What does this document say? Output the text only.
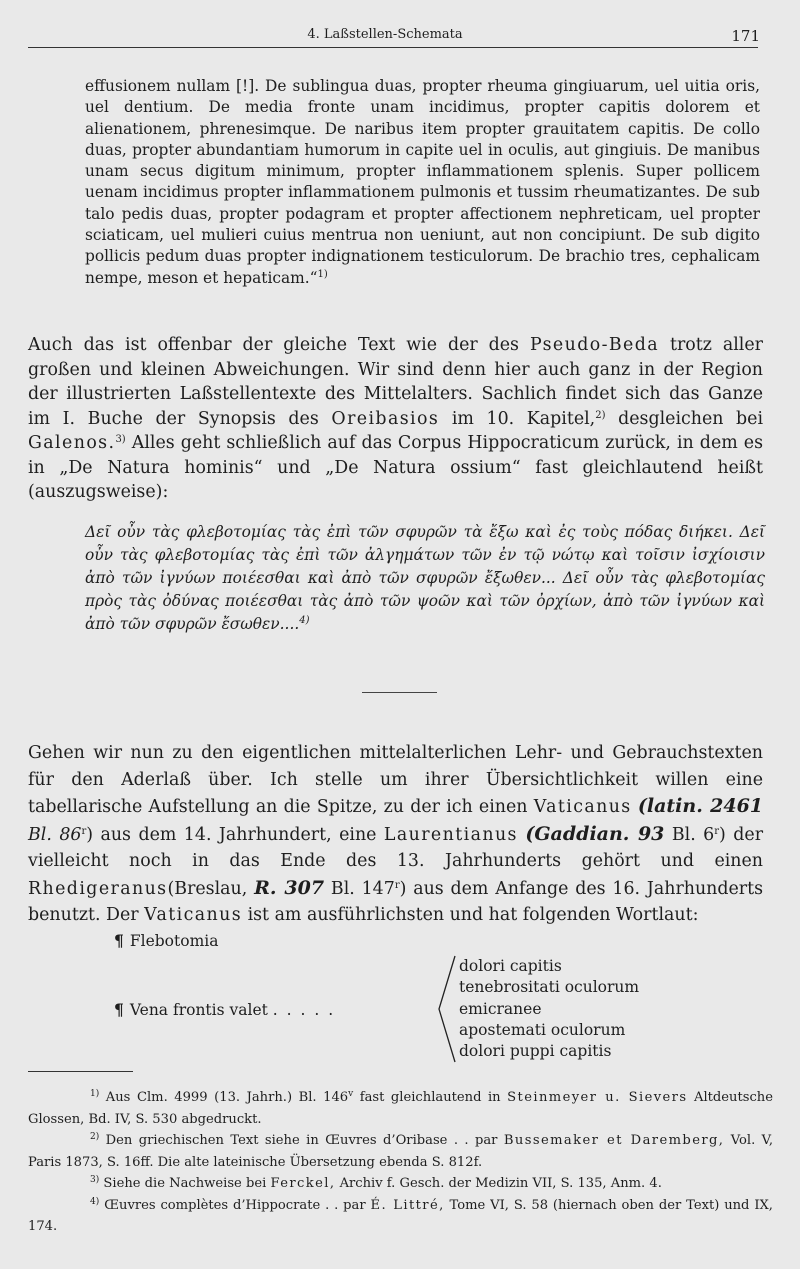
4. Laßstellen-Schemata	171
effusionem nullam [!]. De sublingua duas, propter rheuma gingiuarum, uel uitia oris, uel dentium. De media fronte unam incidimus, propter capitis dolorem et alienationem, phrenesimque. De naribus item propter grauitatem capitis. De collo duas, propter abundantiam humorum in capite uel in oculis, aut gingiuis. De manibus unam secus digitum minimum, propter inflammationem splenis. Super pollicem uenam incidimus propter inflammationem pulmonis et tussim rheumatizantes. De sub talo pedis duas, propter podagram et propter affectionem nephreticam, uel propter sciaticam, uel mulieri cuius mentrua non ueniunt, aut non concipiunt. De sub digito pollicis pedum duas propter indignationem testiculorum. De brachio tres, cephalicam nempe, meson et hepaticam.“$^{1)}$
Auch das ist offenbar der gleiche Text wie der des Pseudo-Beda trotz aller großen und kleinen Abweichungen. Wir sind denn hier auch ganz in der Region der illustrierten Laßstellentexte des Mittelalters. Sachlich findet sich das Ganze im I. Buche der Synopsis des Oreibasios im 10. Kapitel,$^{2)}$ desgleichen bei Galenos.$^{3)}$ Alles geht schließlich auf das Corpus Hippocraticum zurück, in dem es in „De Natura hominis“ und „De Natura ossium“ fast gleichlautend heißt (auszugsweise):
Δεῖ οὖν τὰς φλεβοτομίας τὰς ἐπὶ τῶν σφυρῶν τὰ ἔξω καὶ ἐς τοὺς πόδας διήκει. Δεῖ οὖν τὰς φλεβοτομίας τὰς ἐπὶ τῶν ἀλγημάτων τῶν ἐν τῷ νώτῳ καὶ τοῖσιν ἰσχίοισιν ἀπὸ τῶν ἰγνύων ποιέεσθαι καὶ ἀπὸ τῶν σφυρῶν ἔξωθεν... Δεῖ οὖν τὰς φλεβοτομίας πρὸς τὰς ὀδύνας ποιέεσθαι τὰς ἀπὸ τῶν ψοῶν καὶ τῶν ὀρχίων, ἀπὸ τῶν ἰγνύων καὶ ἀπὸ τῶν σφυρῶν ἔσωθεν....$^{4)}$
Gehen wir nun zu den eigentlichen mittelalterlichen Lehr- und Gebrauchstexten für den Aderlaß über. Ich stelle um ihrer Übersichtlichkeit willen eine tabellarische Aufstellung an die Spitze, zu der ich einen Vaticanus (latin. 2461 Bl. 86$^r$) aus dem 14. Jahrhundert, eine Laurentianus (Gaddian. 93 Bl. 6$^r$) der vielleicht noch in das Ende des 13. Jahrhunderts gehört und einen Rhedigeranus(Breslau, R. 307 Bl. 147$^r$) aus dem Anfange des 16. Jahrhunderts benutzt. Der Vaticanus ist am ausführlichsten und hat folgenden Wortlaut:
¶ Flebotomia
¶ Vena frontis valet . . . . .
dolori capitis
tenebrositati oculorum
emicranee
apostemati oculorum
dolori puppi capitis
$^{1)}$ Aus Clm. 4999 (13. Jahrh.) Bl. 146$^v$ fast gleichlautend in Steinmeyer u. Sievers Altdeutsche Glossen, Bd. IV, S. 530 abgedruckt.
$^{2)}$ Den griechischen Text siehe in Œuvres d’Oribase . . par Bussemaker et Daremberg, Vol. V, Paris 1873, S. 16ff. Die alte lateinische Übersetzung ebenda S. 812f.
$^{3)}$ Siehe die Nachweise bei Ferckel, Archiv f. Gesch. der Medizin VII, S. 135, Anm. 4.
$^{4)}$ Œuvres complètes d’Hippocrate . . par É. Littré, Tome VI, S. 58 (hiernach oben der Text) und IX, 174.
